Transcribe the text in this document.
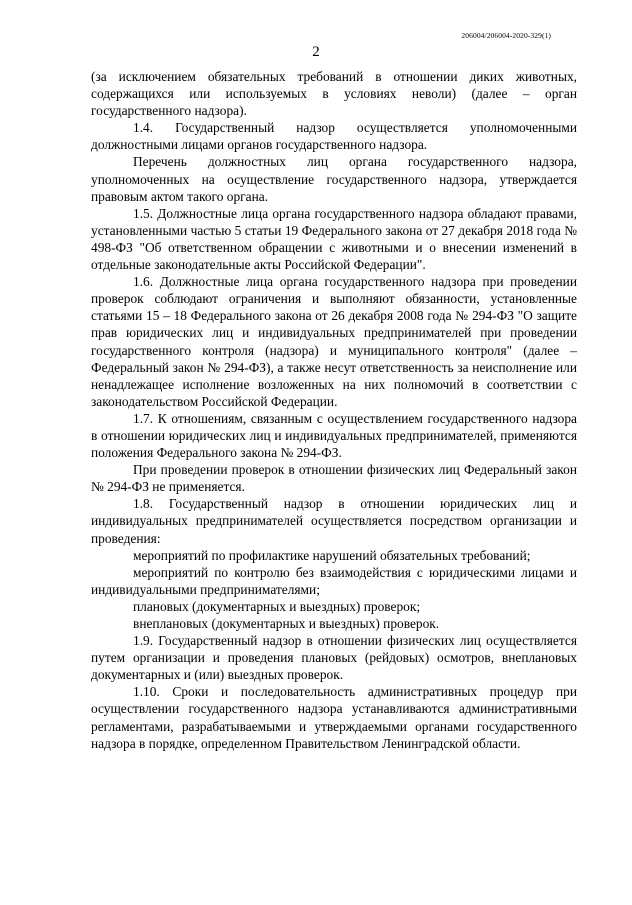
206004/206004-2020-329(1)
2

(за исключением обязательных требований в отношении диких животных, содержащихся или используемых в условиях неволи) (далее – орган государственного надзора).

1.4. Государственный надзор осуществляется уполномоченными должностными лицами органов государственного надзора.

Перечень должностных лиц органа государственного надзора, уполномоченных на осуществление государственного надзора, утверждается правовым актом такого органа.

1.5. Должностные лица органа государственного надзора обладают правами, установленными частью 5 статьи 19 Федерального закона от 27 декабря 2018 года № 498-ФЗ "Об ответственном обращении с животными и о внесении изменений в отдельные законодательные акты Российской Федерации".

1.6. Должностные лица органа государственного надзора при проведении проверок соблюдают ограничения и выполняют обязанности, установленные статьями 15 – 18 Федерального закона от 26 декабря 2008 года № 294-ФЗ "О защите прав юридических лиц и индивидуальных предпринимателей при проведении государственного контроля (надзора) и муниципального контроля" (далее – Федеральный закон № 294-ФЗ), а также несут ответственность за неисполнение или ненадлежащее исполнение возложенных на них полномочий в соответствии с законодательством Российской Федерации.

1.7. К отношениям, связанным с осуществлением государственного надзора в отношении юридических лиц и индивидуальных предпринимателей, применяются положения Федерального закона № 294-ФЗ.

При проведении проверок в отношении физических лиц Федеральный закон № 294-ФЗ не применяется.

1.8. Государственный надзор в отношении юридических лиц и индивидуальных предпринимателей осуществляется посредством организации и проведения:

мероприятий по профилактике нарушений обязательных требований;

мероприятий по контролю без взаимодействия с юридическими лицами и индивидуальными предпринимателями;

плановых (документарных и выездных) проверок;

внеплановых (документарных и выездных) проверок.

1.9. Государственный надзор в отношении физических лиц осуществляется путем организации и проведения плановых (рейдовых) осмотров, внеплановых документарных и (или) выездных проверок.

1.10. Сроки и последовательность административных процедур при осуществлении государственного надзора устанавливаются административными регламентами, разрабатываемыми и утверждаемыми органами государственного надзора в порядке, определенном Правительством Ленинградской области.
